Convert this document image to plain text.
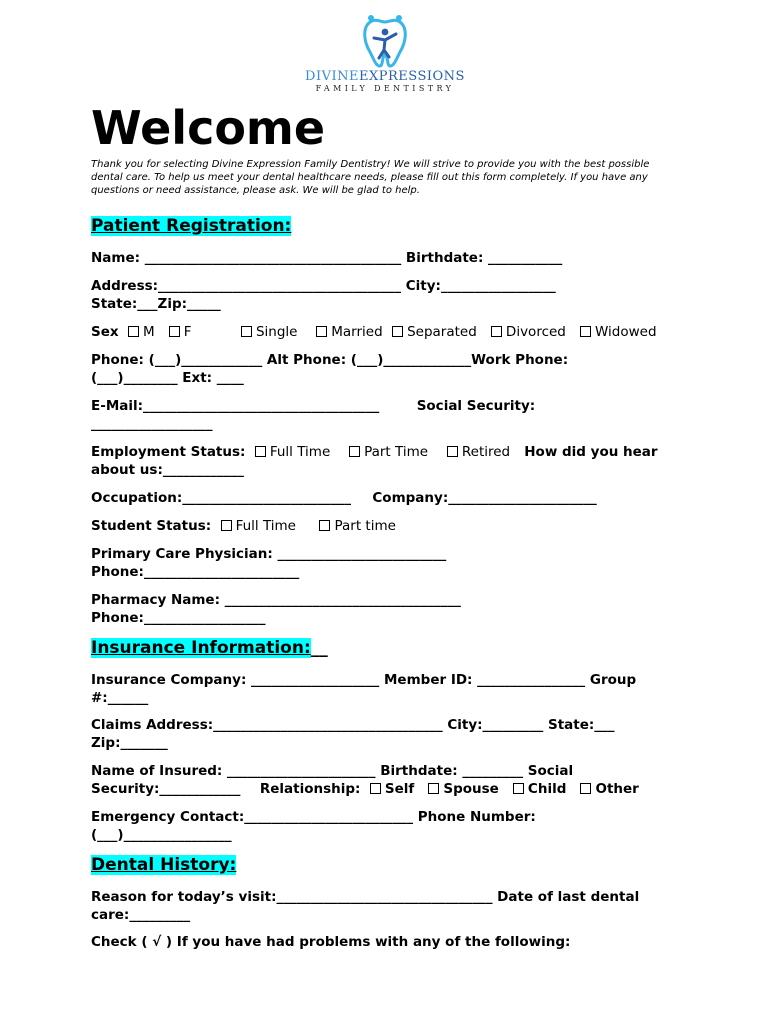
DIVINEEXPRESSIONS
FAMILY DENTISTRY
Welcome
Thank you for selecting Divine Expression Family Dentistry! We will strive to provide you with the best possible dental care. To help us meet your dental healthcare needs, please fill out this form completely. If you have any questions or need assistance, please ask. We will be glad to help.
Patient Registration:
Name: ______________________________________ Birthdate: ___________
Address:____________________________________ City:_________________
State:___Zip:_____
Sex M F	Single	Married Separated Divorced Widowed
Phone: (___)____________ Alt Phone: (___)_____________Work Phone:
(___)________ Ext: ____
E-Mail:___________________________________	Social Security:
__________________
Employment Status: Full Time	Part Time	Retired How did you hear
about us:____________
Occupation:_________________________ Company:______________________
Student Status: Full Time	Part time
Primary Care Physician: _________________________
Phone:_______________________
Pharmacy Name: ___________________________________
Phone:__________________
Insurance Information:__
Insurance Company: ___________________ Member ID: ________________ Group
#:______
Claims Address:__________________________________ City:_________ State:___
Zip:_______
Name of Insured: ______________________ Birthdate: _________ Social
Security:____________ Relationship: Self Spouse Child Other
Emergency Contact:_________________________ Phone Number:
(___)________________
Dental History:
Reason for today’s visit:________________________________ Date of last dental
care:_________
Check ( √ ) If you have had problems with any of the following:
